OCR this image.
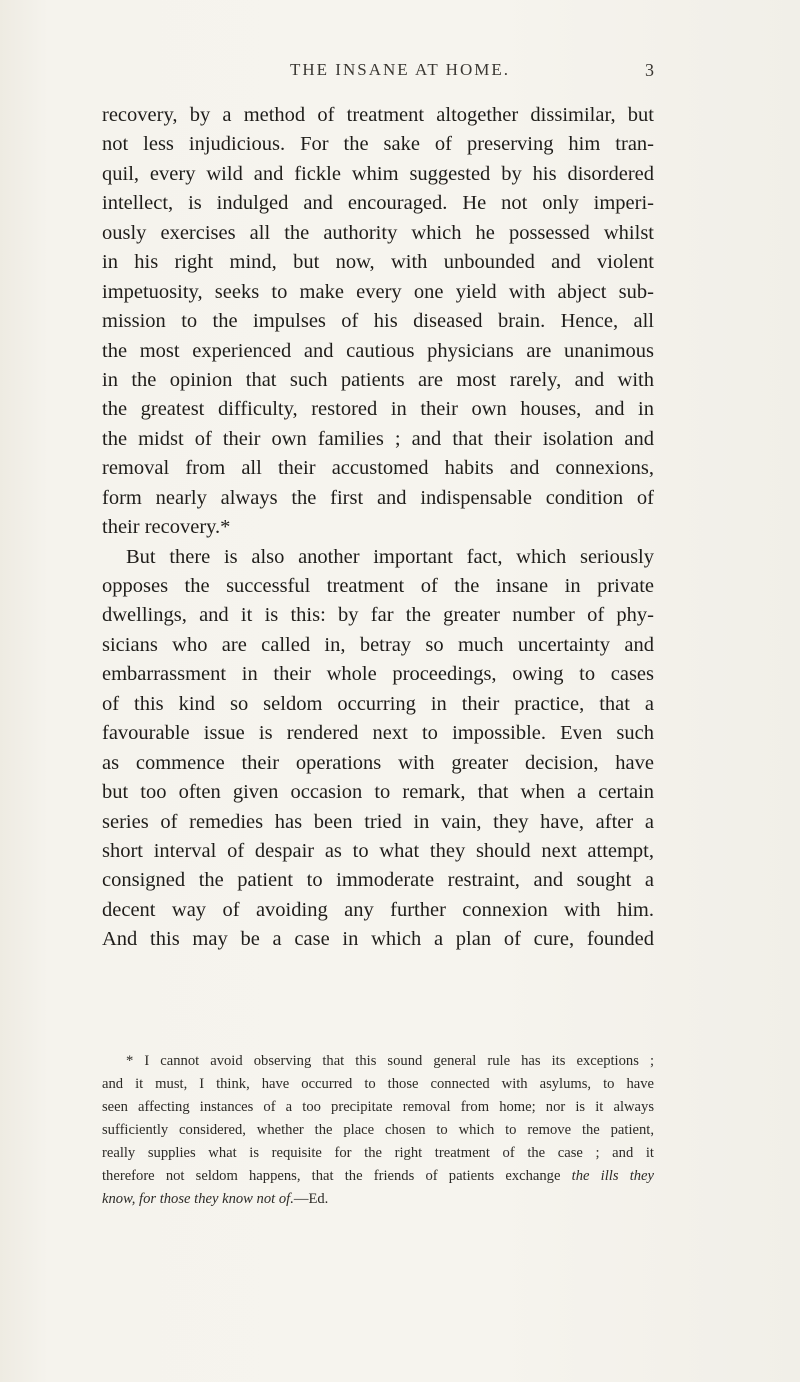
THE INSANE AT HOME.	3
recovery, by a method of treatment altogether dissimilar, but
not less injudicious. For the sake of preserving him tran-
quil, every wild and fickle whim suggested by his disordered
intellect, is indulged and encouraged. He not only imperi-
ously exercises all the authority which he possessed whilst
in his right mind, but now, with unbounded and violent
impetuosity, seeks to make every one yield with abject sub-
mission to the impulses of his diseased brain. Hence, all
the most experienced and cautious physicians are unanimous
in the opinion that such patients are most rarely, and with
the greatest difficulty, restored in their own houses, and in
the midst of their own families ; and that their isolation and
removal from all their accustomed habits and connexions,
form nearly always the first and indispensable condition of
their recovery.*
But there is also another important fact, which seriously
opposes the successful treatment of the insane in private
dwellings, and it is this: by far the greater number of phy-
sicians who are called in, betray so much uncertainty and
embarrassment in their whole proceedings, owing to cases
of this kind so seldom occurring in their practice, that a
favourable issue is rendered next to impossible. Even such
as commence their operations with greater decision, have
but too often given occasion to remark, that when a certain
series of remedies has been tried in vain, they have, after a
short interval of despair as to what they should next attempt,
consigned the patient to immoderate restraint, and sought a
decent way of avoiding any further connexion with him.
And this may be a case in which a plan of cure, founded
* I cannot avoid observing that this sound general rule has its exceptions ;
and it must, I think, have occurred to those connected with asylums, to have
seen affecting instances of a too precipitate removal from home; nor is it always
sufficiently considered, whether the place chosen to which to remove the patient,
really supplies what is requisite for the right treatment of the case ; and it
therefore not seldom happens, that the friends of patients exchange the ills they
know, for those they know not of.—Ed.
